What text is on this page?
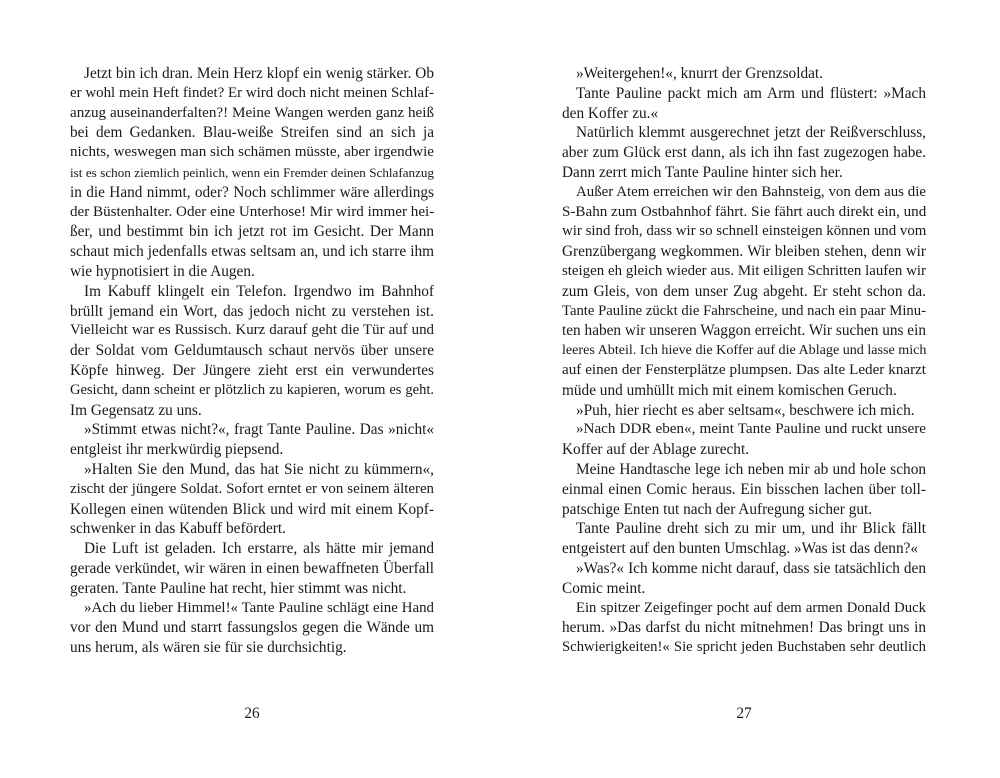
Jetzt bin ich dran. Mein Herz klopf ein wenig stärker. Ob
er wohl mein Heft findet? Er wird doch nicht meinen Schlaf-
anzug auseinanderfalten?! Meine Wangen werden ganz heiß
bei dem Gedanken. Blau-weiße Streifen sind an sich ja
nichts, weswegen man sich schämen müsste, aber irgendwie
ist es schon ziemlich peinlich, wenn ein Fremder deinen Schlafanzug
in die Hand nimmt, oder? Noch schlimmer wäre allerdings
der Büstenhalter. Oder eine Unterhose! Mir wird immer hei-
ßer, und bestimmt bin ich jetzt rot im Gesicht. Der Mann
schaut mich jedenfalls etwas seltsam an, und ich starre ihm
wie hypnotisiert in die Augen.
Im Kabuff klingelt ein Telefon. Irgendwo im Bahnhof
brüllt jemand ein Wort, das jedoch nicht zu verstehen ist.
Vielleicht war es Russisch. Kurz darauf geht die Tür auf und
der Soldat vom Geldumtausch schaut nervös über unsere
Köpfe hinweg. Der Jüngere zieht erst ein verwundertes
Gesicht, dann scheint er plötzlich zu kapieren, worum es geht.
Im Gegensatz zu uns.
»Stimmt etwas nicht?«, fragt Tante Pauline. Das »nicht«
entgleist ihr merkwürdig piepsend.
»Halten Sie den Mund, das hat Sie nicht zu kümmern«,
zischt der jüngere Soldat. Sofort erntet er von seinem älteren
Kollegen einen wütenden Blick und wird mit einem Kopf-
schwenker in das Kabuff befördert.
Die Luft ist geladen. Ich erstarre, als hätte mir jemand
gerade verkündet, wir wären in einen bewaffneten Überfall
geraten. Tante Pauline hat recht, hier stimmt was nicht.
»Ach du lieber Himmel!« Tante Pauline schlägt eine Hand
vor den Mund und starrt fassungslos gegen die Wände um
uns herum, als wären sie für sie durchsichtig.
»Weitergehen!«, knurrt der Grenzsoldat.
Tante Pauline packt mich am Arm und flüstert: »Mach
den Koffer zu.«
Natürlich klemmt ausgerechnet jetzt der Reißverschluss,
aber zum Glück erst dann, als ich ihn fast zugezogen habe.
Dann zerrt mich Tante Pauline hinter sich her.
Außer Atem erreichen wir den Bahnsteig, von dem aus die
S-Bahn zum Ostbahnhof fährt. Sie fährt auch direkt ein, und
wir sind froh, dass wir so schnell einsteigen können und vom
Grenzübergang wegkommen. Wir bleiben stehen, denn wir
steigen eh gleich wieder aus. Mit eiligen Schritten laufen wir
zum Gleis, von dem unser Zug abgeht. Er steht schon da.
Tante Pauline zückt die Fahrscheine, und nach ein paar Minu-
ten haben wir unseren Waggon erreicht. Wir suchen uns ein
leeres Abteil. Ich hieve die Koffer auf die Ablage und lasse mich
auf einen der Fensterplätze plumpsen. Das alte Leder knarzt
müde und umhüllt mich mit einem komischen Geruch.
»Puh, hier riecht es aber seltsam«, beschwere ich mich.
»Nach DDR eben«, meint Tante Pauline und ruckt unsere
Koffer auf der Ablage zurecht.
Meine Handtasche lege ich neben mir ab und hole schon
einmal einen Comic heraus. Ein bisschen lachen über toll-
patschige Enten tut nach der Aufregung sicher gut.
Tante Pauline dreht sich zu mir um, und ihr Blick fällt
entgeistert auf den bunten Umschlag. »Was ist das denn?«
»Was?« Ich komme nicht darauf, dass sie tatsächlich den
Comic meint.
Ein spitzer Zeigefinger pocht auf dem armen Donald Duck
herum. »Das darfst du nicht mitnehmen! Das bringt uns in
Schwierigkeiten!« Sie spricht jeden Buchstaben sehr deutlich
26	27
